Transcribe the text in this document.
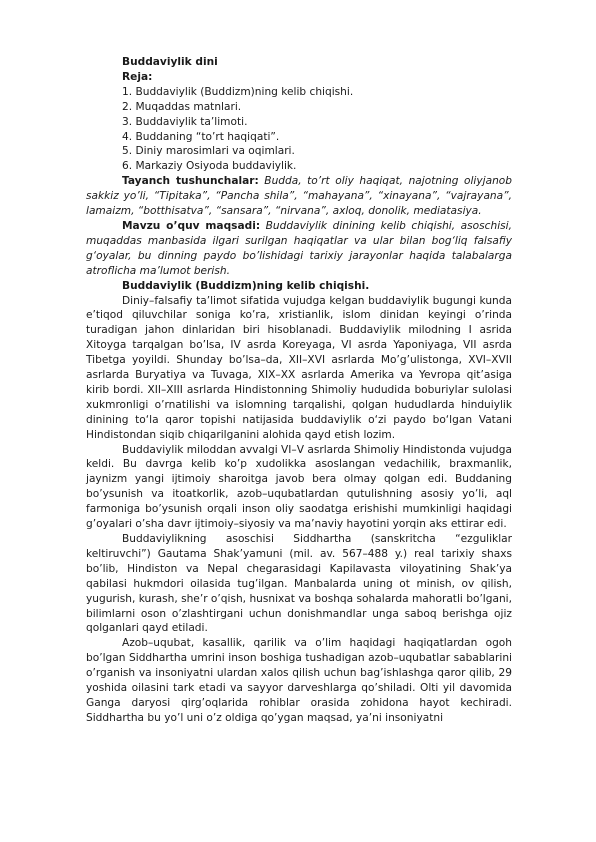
Buddaviylik dini
Reja:
1. Buddaviylik (Buddizm)ning kelib chiqishi.
2. Muqaddas matnlari.
3. Buddaviylik ta’limoti.
4. Buddaning “to’rt haqiqati”.
5. Diniy marosimlari va oqimlari.
6. Markaziy Osiyoda buddaviylik.

Tayanch tushunchalar: Budda, to’rt oliy haqiqat, najotning oliyjanob sakkiz yo’li, “Tipitaka”, “Pancha shila”, “mahayana”, “xinayana”, “vajrayana”, lamaizm, “botthisatva”, “sansara”, “nirvana”, axloq, donolik, mediatasiya.

Mavzu o’quv maqsadi: Buddaviylik dinining kelib chiqishi, asoschisi, muqaddas manbasida ilgari surilgan haqiqatlar va ular bilan bog‘liq falsafiy g‘oyalar, bu dinning paydo bo’lishidagi tarixiy jarayonlar haqida talabalarga atroflicha ma’lumot berish.

Buddaviylik (Buddizm)ning kelib chiqishi.

Diniy–falsafiy ta’limot sifatida vujudga kelgan buddaviylik bugungi kunda e’tiqod qiluvchilar soniga ko’ra, xristianlik, islom dinidan keyingi o’rinda turadigan jahon dinlaridan biri hisoblanadi. Buddaviylik milodning I asrida Xitoyga tarqalgan bo’lsa, IV asrda Koreyaga, VI asrda Yaponiyaga, VII asrda Tibetga yoyildi. Shunday bo’lsa–da, XII–XVI asrlarda Mo’g’ulistonga, XVI–XVII asrlarda Buryatiya va Tuvaga, XIX–XX asrlarda Amerika va Yevropa qit’asiga kirib bordi. XII–XIII asrlarda Hindistonning Shimoliy hududida boburiylar sulolasi xukmronligi o’rnatilishi va islomning tarqalishi, qolgan hududlarda hinduiylik dinining to‘la qaror topishi natijasida buddaviylik o‘zi paydo bo‘lgan Vatani Hindistondan siqib chiqarilganini alohida qayd etish lozim.

Buddaviylik miloddan avvalgi VI–V asrlarda Shimoliy Hindistonda vujudga keldi. Bu davrga kelib ko’p xudolikka asoslangan vedachilik, braxmanlik, jaynizm yangi ijtimoiy sharoitga javob bera olmay qolgan edi. Buddaning bo’ysunish va itoatkorlik, azob–uqubatlardan qutulishning asosiy yo’li, aql farmoniga bo’ysunish orqali inson oliy saodatga erishishi mumkinligi haqidagi g’oyalari o’sha davr ijtimoiy–siyosiy va ma’naviy hayotini yorqin aks ettirar edi.

Buddaviylikning asoschisi Siddhartha (sanskritcha “ezguliklar keltiruvchi”) Gautama Shak’yamuni (mil. av. 567–488 y.) real tarixiy shaxs bo’lib, Hindiston va Nepal chegarasidagi Kapilavasta viloyatining Shak’ya qabilasi hukmdori oilasida tug’ilgan. Manbalarda uning ot minish, ov qilish, yugurish, kurash, she’r o’qish, husnixat va boshqa sohalarda mahoratli bo’lgani, bilimlarni oson o’zlashtirgani uchun donishmandlar unga saboq berishga ojiz qolganlari qayd etiladi.

Azob–uqubat, kasallik, qarilik va o’lim haqidagi haqiqatlardan ogoh bo’lgan Siddhartha umrini inson boshiga tushadigan azob–uqubatlar sabablarini o’rganish va insoniyatni ulardan xalos qilish uchun bag’ishlashga qaror qilib, 29 yoshida oilasini tark etadi va sayyor darveshlarga qo’shiladi. Olti yil davomida Ganga daryosi qirg’oqlarida rohiblar orasida zohidona hayot kechiradi. Siddhartha bu yo’l uni o’z oldiga qo’ygan maqsad, ya’ni insoniyatni
